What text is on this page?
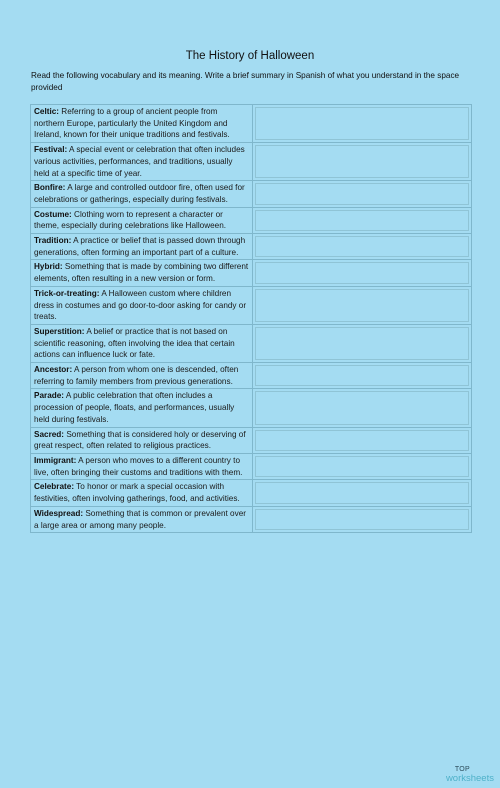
The History of Halloween
Read the following vocabulary and its meaning. Write a brief summary in Spanish of what you understand in the space provided
Celtic: Referring to a group of ancient people from northern Europe, particularly the United Kingdom and Ireland, known for their unique traditions and festivals.	

Festival: A special event or celebration that often includes various activities, performances, and traditions, usually held at a specific time of year.	

Bonfire: A large and controlled outdoor fire, often used for celebrations or gatherings, especially during festivals.	

Costume: Clothing worn to represent a character or theme, especially during celebrations like Halloween.	

Tradition: A practice or belief that is passed down through generations, often forming an important part of a culture.	

Hybrid: Something that is made by combining two different elements, often resulting in a new version or form.	

Trick-or-treating: A Halloween custom where children dress in costumes and go door-to-door asking for candy or treats.	

Superstition: A belief or practice that is not based on scientific reasoning, often involving the idea that certain actions can influence luck or fate.	

Ancestor: A person from whom one is descended, often referring to family members from previous generations.	

Parade: A public celebration that often includes a procession of people, floats, and performances, usually held during festivals.	

Sacred: Something that is considered holy or deserving of great respect, often related to religious practices.	

Immigrant: A person who moves to a different country to live, often bringing their customs and traditions with them.	

Celebrate: To honor or mark a special occasion with festivities, often involving gatherings, food, and activities.	

Widespread: Something that is common or prevalent over a large area or among many people.	
TOP
worksheets
